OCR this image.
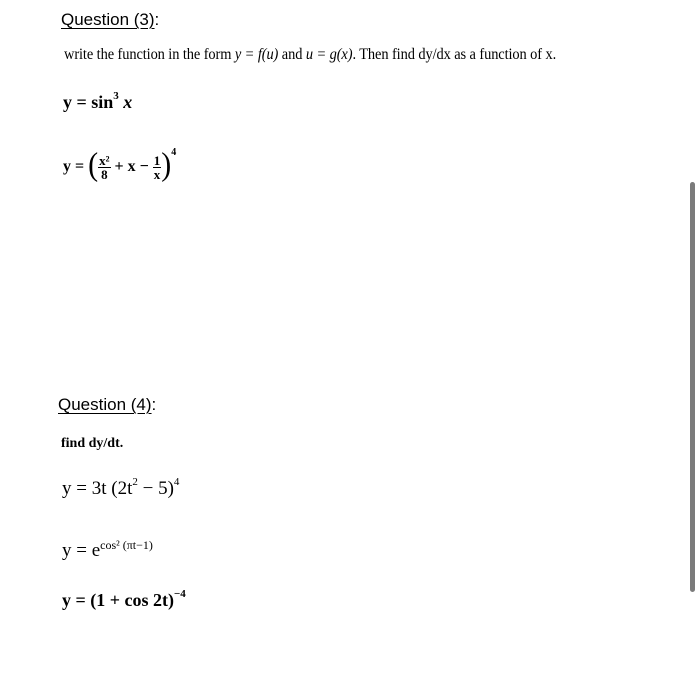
Question (3):
write the function in the form y = f(u) and u = g(x). Then find dy/dx as a function of x.
$y = \sin^3 x$
y = ( $\frac{\text{x²}}{8} + x - \frac{1}{x} )^4$
Question (4):
find dy/dt.
y = 3t $(2t^2 - 5)^4$
$y = e^{cos^2 (\pi t-1)}$
$y = (1 + \cos 2t)^{-4}$
